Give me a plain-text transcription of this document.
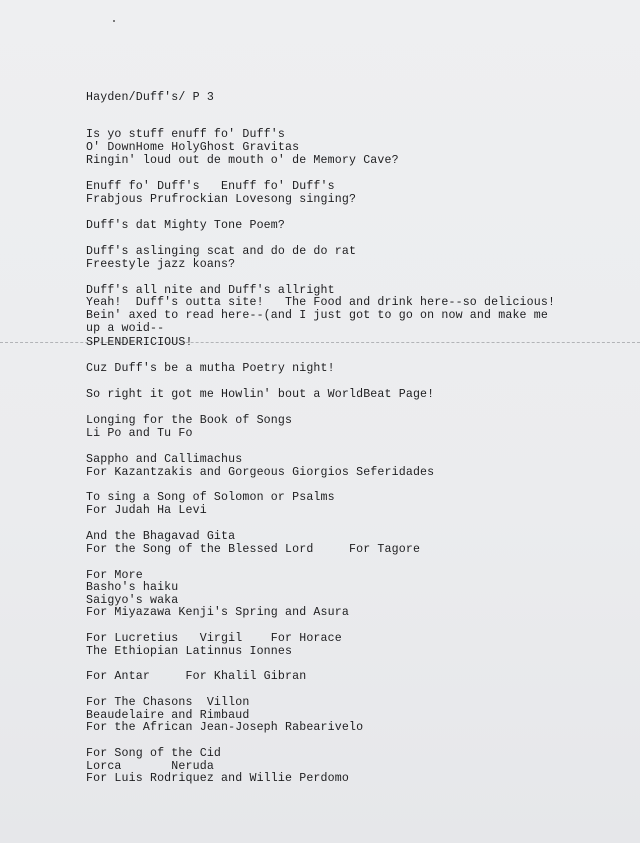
Hayden/Duff's/ P 3
Is yo stuff enuff fo' Duff's
O' DownHome HolyGhost Gravitas
Ringin' loud out de mouth o' de Memory Cave?
Enuff fo' Duff's   Enuff fo' Duff's
Frabjous Prufrockian Lovesong singing?
Duff's dat Mighty Tone Poem?
Duff's aslinging scat and do de do rat
Freestyle jazz koans?
Duff's all nite and Duff's allright
Yeah!  Duff's outta site!   The Food and drink here--so delicious!
Bein' axed to read here--(and I just got to go on now and make me
up a woid--
SPLENDERICIOUS!
Cuz Duff's be a mutha Poetry night!
So right it got me Howlin' bout a WorldBeat Page!
Longing for the Book of Songs
Li Po and Tu Fo
Sappho and Callimachus
For Kazantzakis and Gorgeous Giorgios Seferidades
To sing a Song of Solomon or Psalms
For Judah Ha Levi
And the Bhagavad Gita
For the Song of the Blessed Lord     For Tagore
For More
Basho's haiku
Saigyo's waka
For Miyazawa Kenji's Spring and Asura
For Lucretius   Virgil    For Horace
The Ethiopian Latinnus Ionnes
For Antar     For Khalil Gibran
For The Chasons  Villon
Beaudelaire and Rimbaud
For the African Jean-Joseph Rabearivelo
For Song of the Cid
Lorca       Neruda
For Luis Rodriquez and Willie Perdomo
